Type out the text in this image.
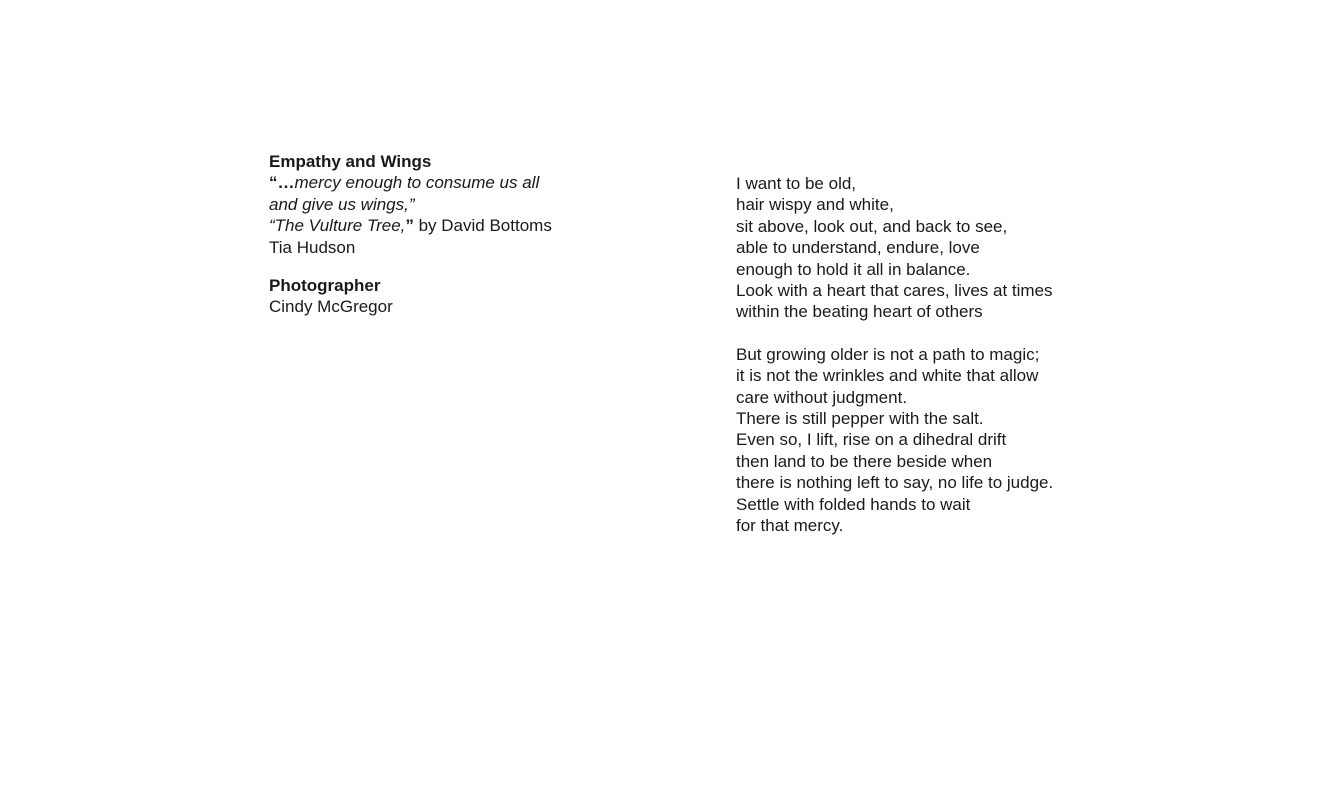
Empathy and Wings
“…mercy enough to consume us all
and give us wings,”
“The Vulture Tree,” by David Bottoms
Tia Hudson
Photographer
Cindy McGregor
I want to be old,
hair wispy and white,
sit above, look out, and back to see,
able to understand, endure, love
enough to hold it all in balance.
Look with a heart that cares, lives at times
within the beating heart of others
But growing older is not a path to magic;
it is not the wrinkles and white that allow
care without judgment.
There is still pepper with the salt.
Even so, I lift, rise on a dihedral drift
then land to be there beside when
there is nothing left to say, no life to judge.
Settle with folded hands to wait
for that mercy.
